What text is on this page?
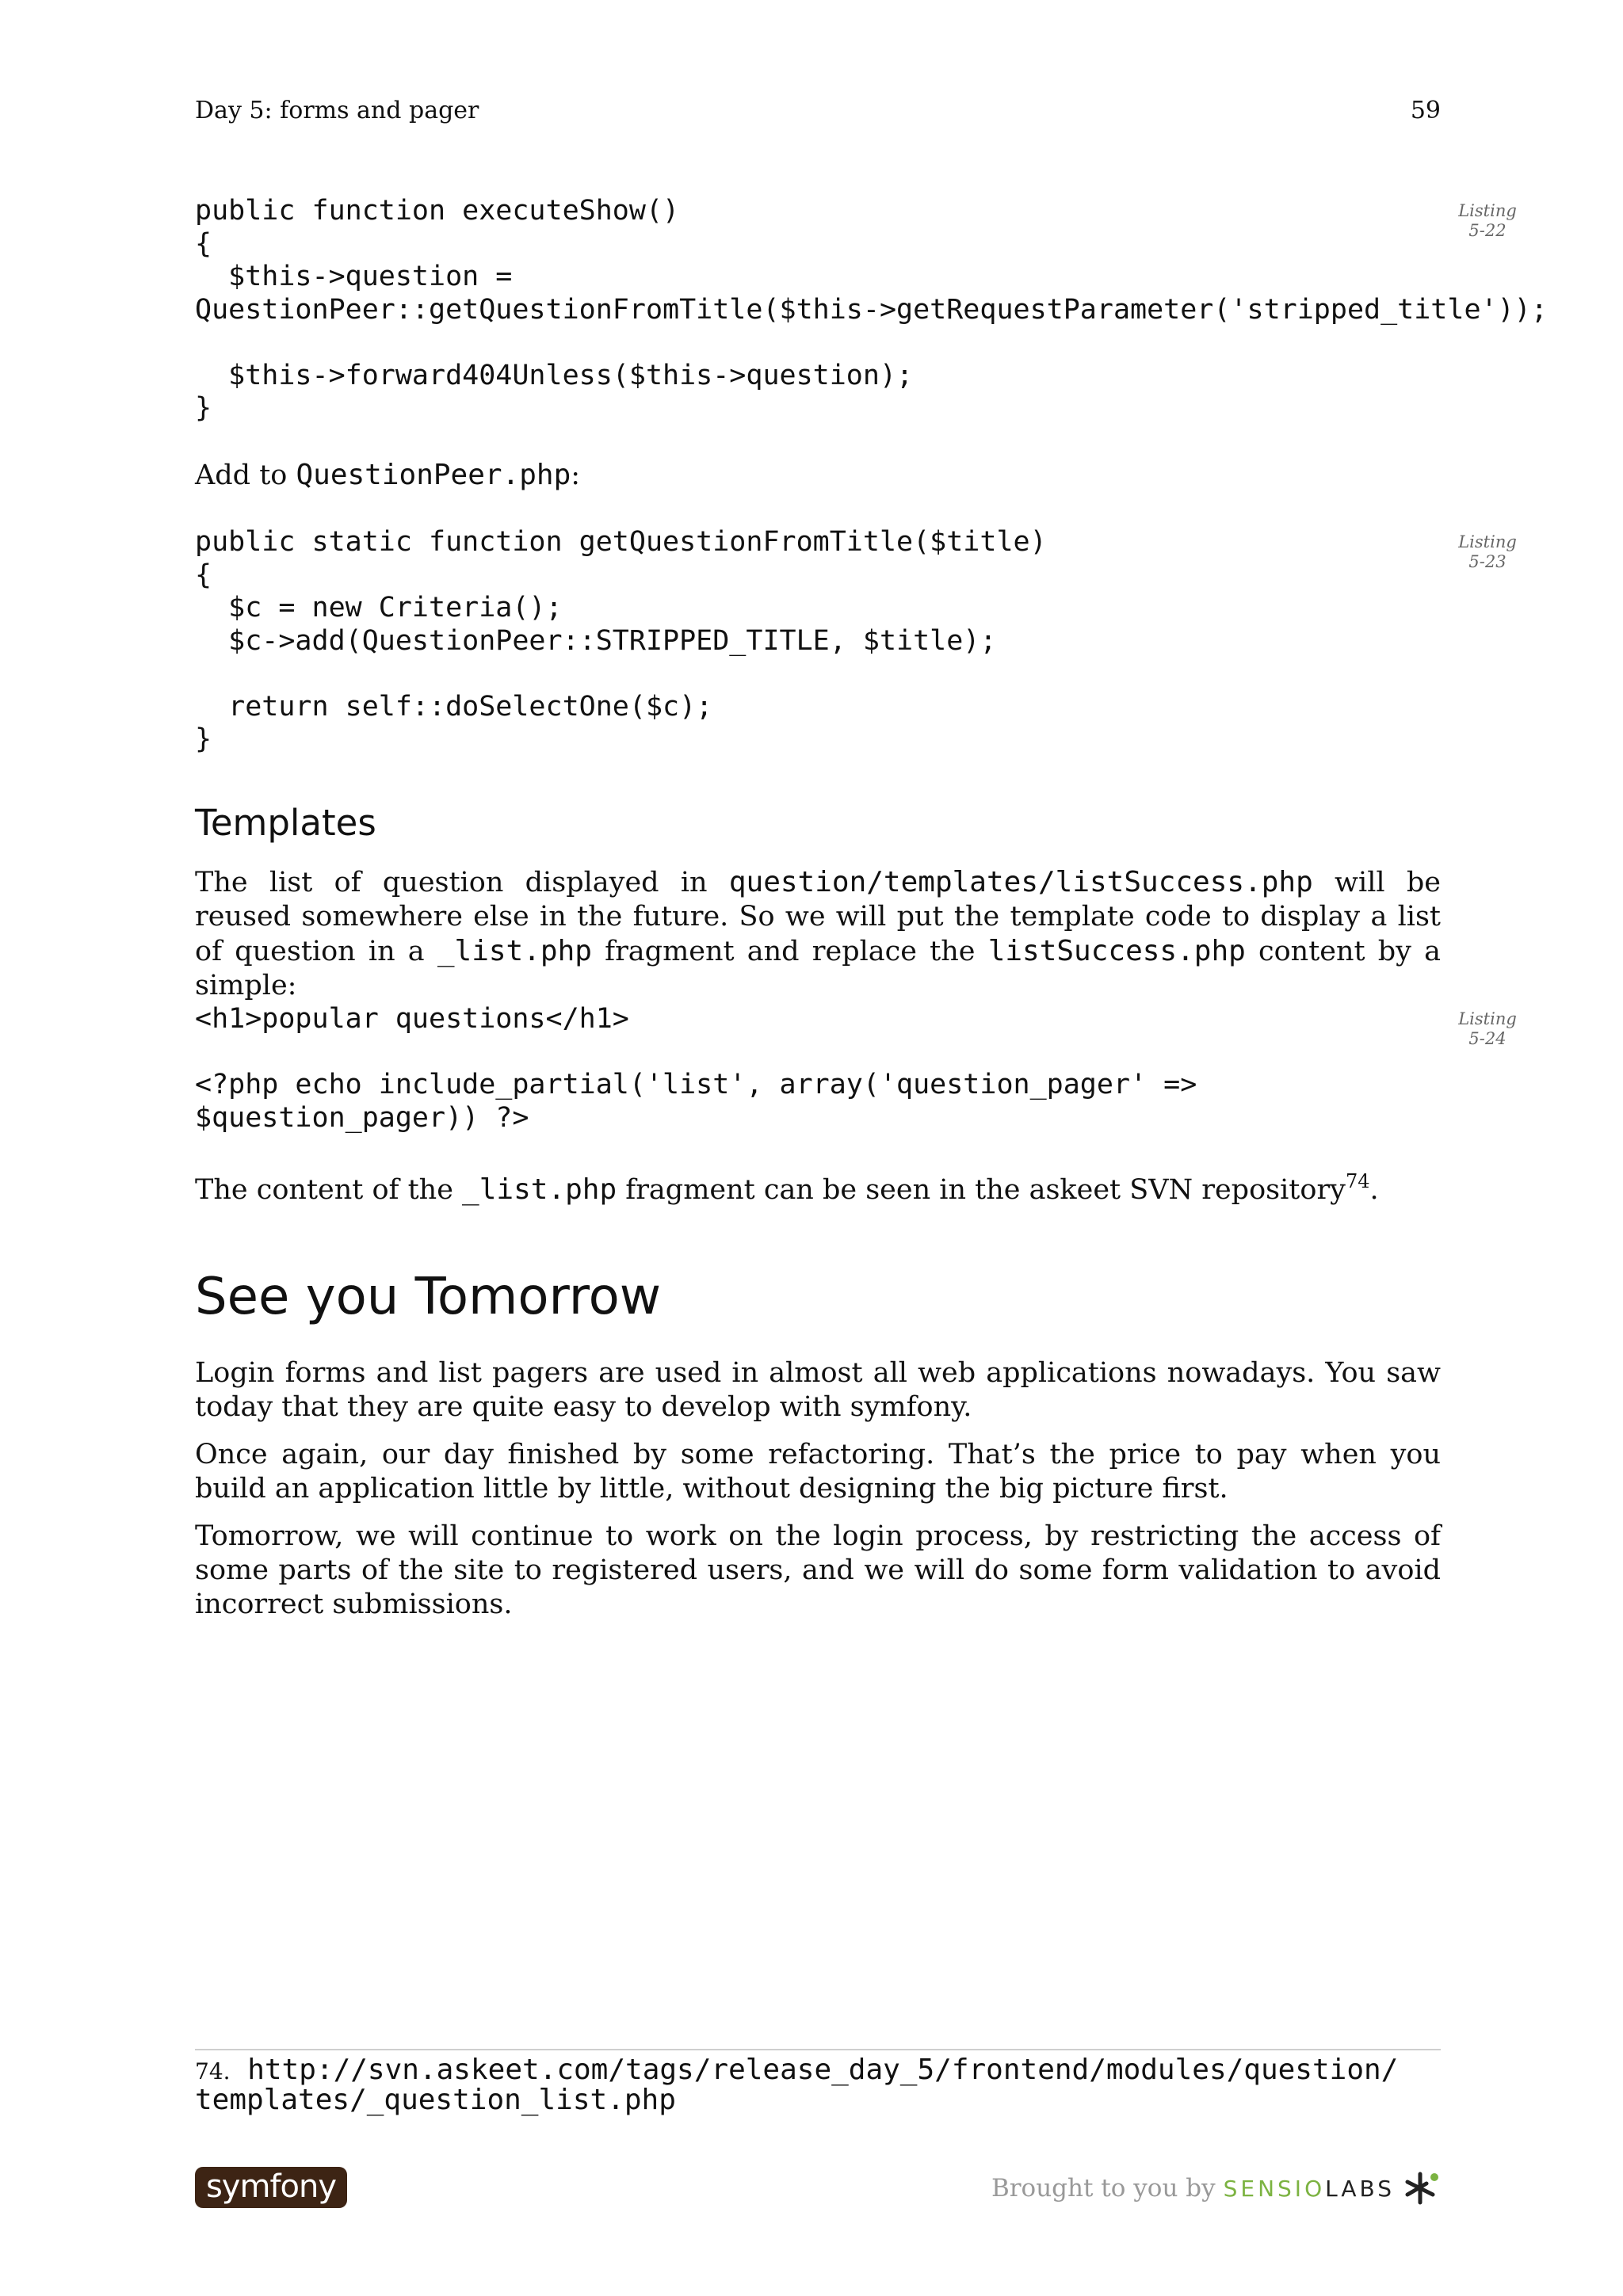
Day 5: forms and pager	59
public function executeShow()
{
$this->question =
QuestionPeer::getQuestionFromTitle($this->getRequestParameter('stripped_title'));

$this->forward404Unless($this->question);
}
Listing
5-22

Add to QuestionPeer.php:

public static function getQuestionFromTitle($title)
{
$c = new Criteria();
$c->add(QuestionPeer::STRIPPED_TITLE, $title);

return self::doSelectOne($c);
}
Listing
5-23
Templates

The list of question displayed in question/templates/listSuccess.php will be reused somewhere else in the future. So we will put the template code to display a list of question in a _list.php fragment and replace the listSuccess.php content by a simple:

<h1>popular questions</h1>

<?php echo include_partial('list', array('question_pager' =>
$question_pager)) ?>
Listing
5-24

The content of the _list.php fragment can be seen in the askeet SVN repository$^{74}$.

See you Tomorrow

Login forms and list pagers are used in almost all web applications nowadays. You saw today that they are quite easy to develop with symfony.

Once again, our day finished by some refactoring. That’s the price to pay when you build an application little by little, without designing the big picture first.

Tomorrow, we will continue to work on the login process, by restricting the access of some parts of the site to registered users, and we will do some form validation to avoid incorrect submissions.

74. http://svn.askeet.com/tags/release_day_5/frontend/modules/question/
templates/_question_list.php
symfony	Brought to you by SENSIO LABS
